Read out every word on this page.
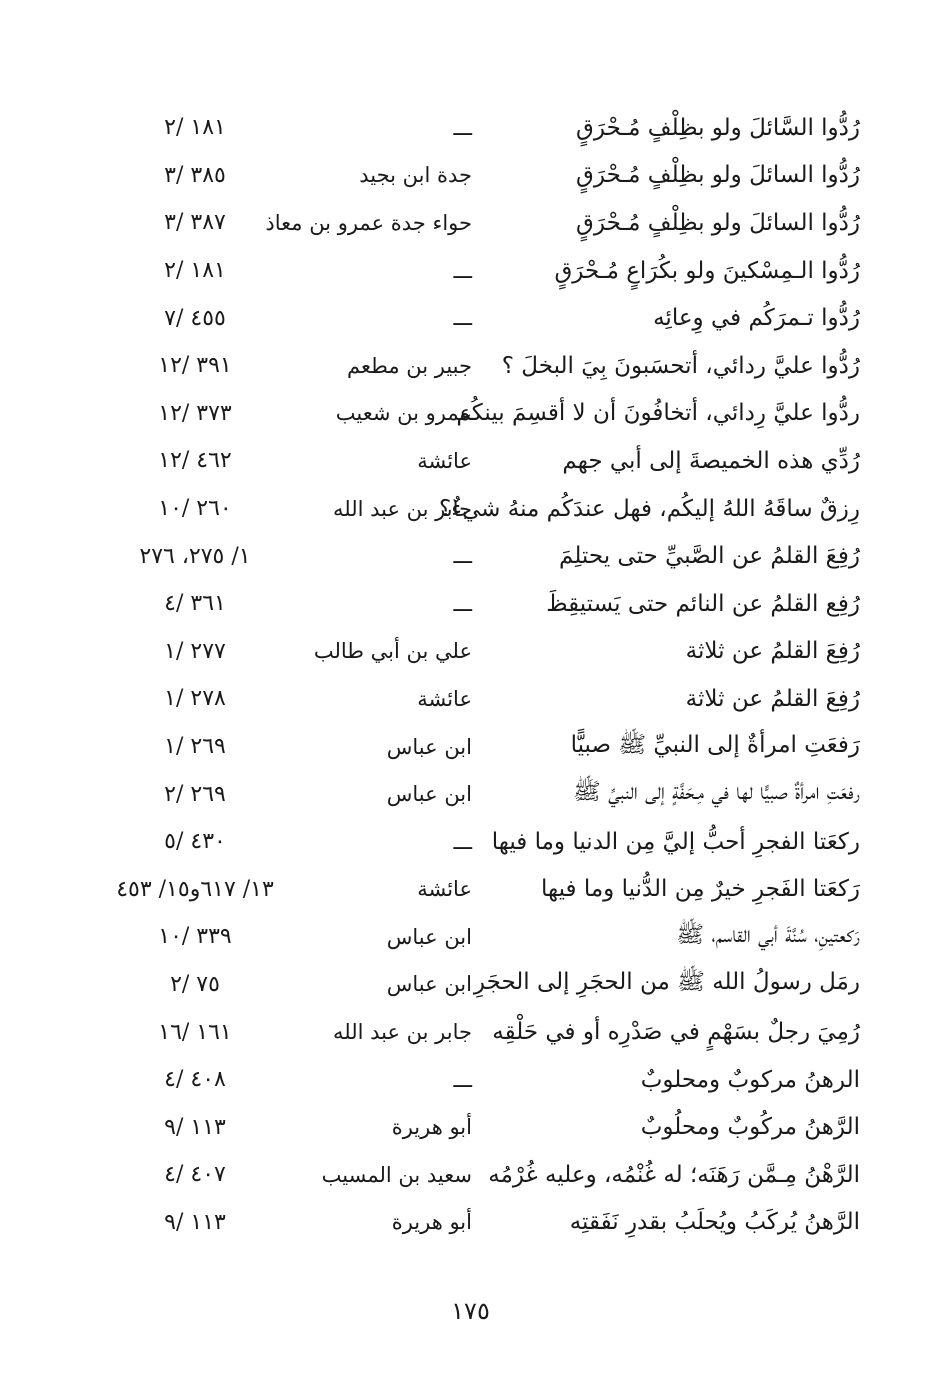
رُدُّوا السَّائلَ ولو بظِلْفٍ مُـحْرَقٍ
ـــ
١٨١ /٢
رُدُّوا السائلَ ولو بظِلْفٍ مُـحْرَقٍ
جدة ابن بجيد
٣٨٥ /٣
رُدُّوا السائلَ ولو بظِلْفٍ مُـحْرَقٍ
حواء جدة عمرو بن معاذ
٣٨٧ /٣
رُدُّوا الـمِسْكينَ ولو بكُرَاعٍ مُـحْرَقٍ
ـــ
١٨١ /٢
رُدُّوا تـمرَكُم في وِعائِه
ـــ
٤٥٥ /٧
رُدُّوا عليَّ ردائي، أتحسَبونَ بِيَ البخلَ ؟
جبير بن مطعم
٣٩١ /١٢
ردُّوا عليَّ رِدائي، أتخافُونَ أن لا أقسِمَ بينكُم
عمرو بن شعيب
٣٧٣ /١٢
رُدِّي هذه الخميصةَ إلى أبي جهم
عائشة
٤٦٢ /١٢
رِزقٌ ساقَهُ اللهُ إليكُم، فهل عندَكُم منهُ شيءٌ؟
جابر بن عبد الله
٢٦٠ /١٠
رُفِعَ القلمُ عن الصَّبيِّ حتى يحتلِمَ
ـــ
١/ ٢٧٥، ٢٧٦
رُفِع القلمُ عن النائم حتى يَستيقِظَ
ـــ
٣٦١ /٤
رُفِعَ القلمُ عن ثلاثة
علي بن أبي طالب
٢٧٧ /١
رُفِعَ القلمُ عن ثلاثة
عائشة
٢٧٨ /١
رَفعَتِ امرأةٌ إلى النبيِّ ﷺ صبيًّا
ابن عباس
٢٦٩ /١
رفعَتِ امرأةٌ صبيًّا لها في مِـحَفَّةٍ إلى النبيِّ ﷺ
ابن عباس
٢٦٩ /٢
ركعَتا الفجرِ أحبُّ إليَّ مِن الدنيا وما فيها
ـــ
٤٣٠ /٥
رَكعَتا الفَجرِ خيرٌ مِن الدُّنيا وما فيها
عائشة
١٣/ ٦١٧و١٥/ ٤٥٣
رَكعتينِ، سُنَّةَ أبي القاسم، ﷺ
ابن عباس
٣٣٩ /١٠
رمَل رسولُ الله ﷺ من الحجَرِ إلى الحجَرِ
ابن عباس
٧٥ /٢
رُمِيَ رجلٌ بسَهْمٍ في صَدْرِه أو في حَلْقِه
جابر بن عبد الله
١٦١ /١٦
الرهنُ مركوبٌ ومحلوبٌ
ـــ
٤٠٨ /٤
الرَّهنُ مركُوبٌ ومحلُوبٌ
أبو هريرة
١١٣ /٩
الرَّهْنُ مِـمَّن رَهَنَه؛ له غُنْمُه، وعليه غُرْمُه
سعيد بن المسيب
٤٠٧ /٤
الرَّهنُ يُركَبُ ويُحلَبُ بقدرِ نَفَقتِه
أبو هريرة
١١٣ /٩
١٧٥
